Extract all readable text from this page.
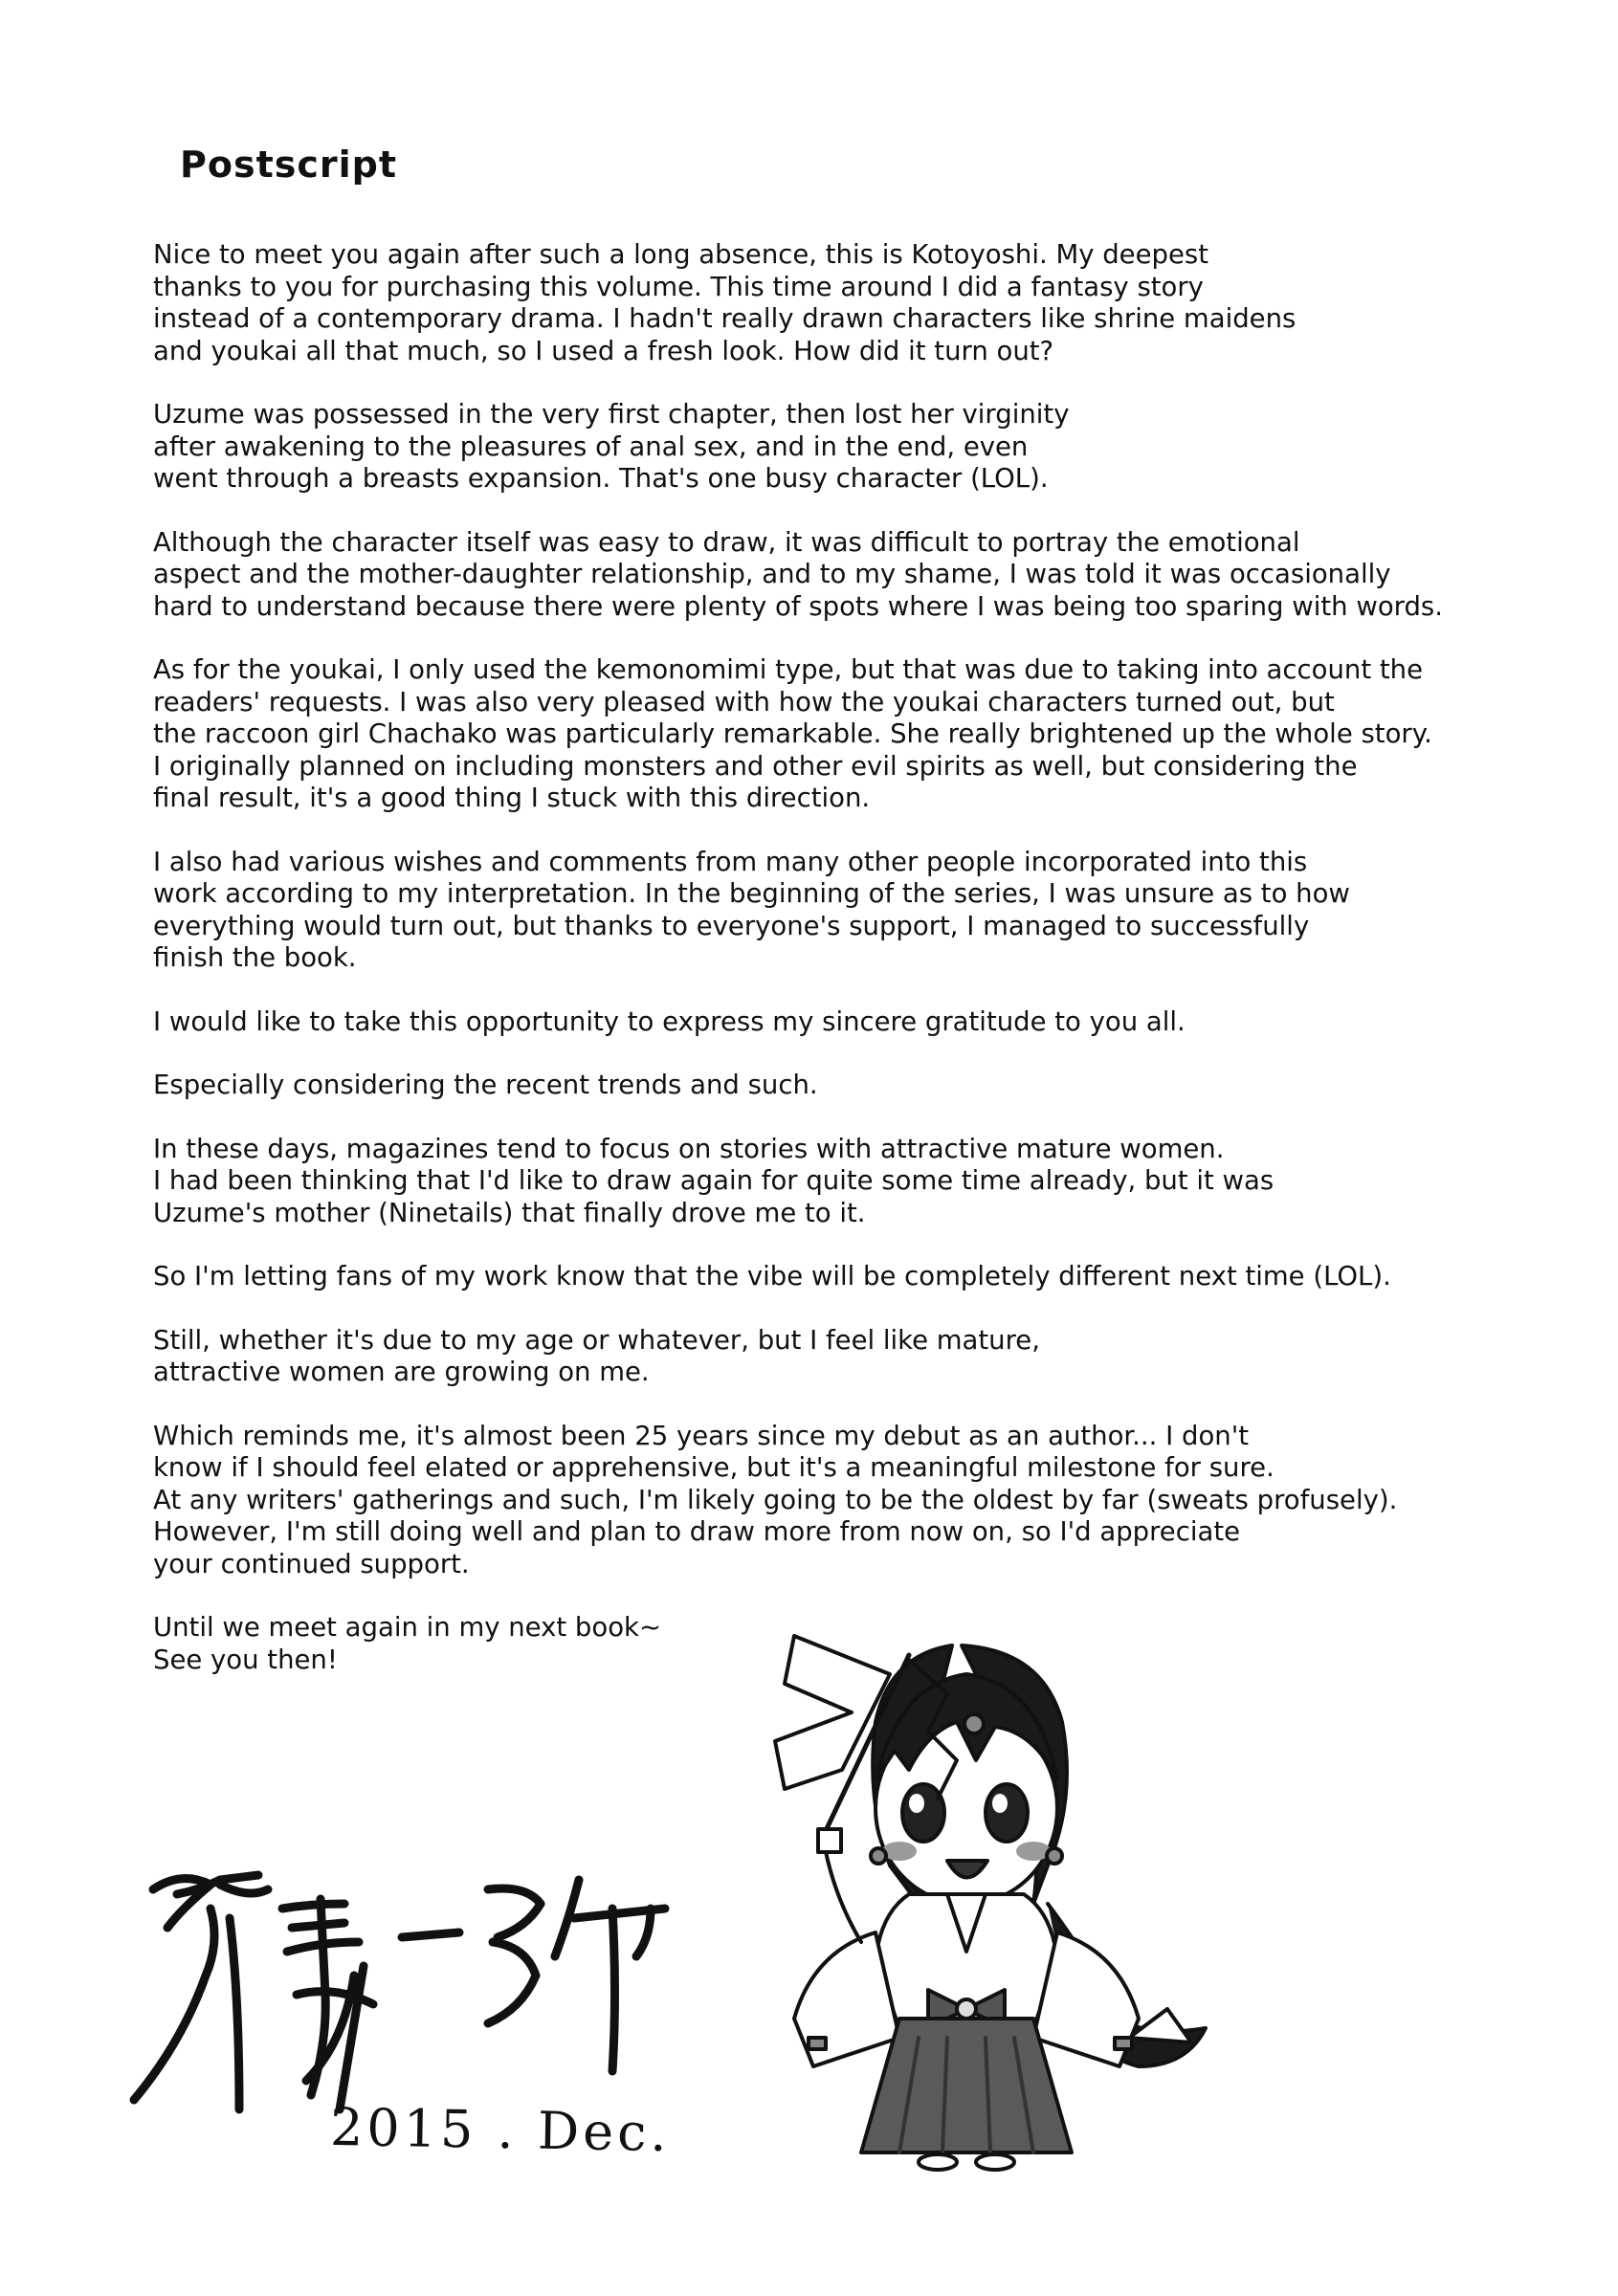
Postscript
Nice to meet you again after such a long absence, this is Kotoyoshi. My deepest
thanks to you for purchasing this volume. This time around I did a fantasy story
instead of a contemporary drama. I hadn't really drawn characters like shrine maidens
and youkai all that much, so I used a fresh look. How did it turn out?
Uzume was possessed in the very first chapter, then lost her virginity
after awakening to the pleasures of anal sex, and in the end, even
went through a breasts expansion. That's one busy character (LOL).
Although the character itself was easy to draw, it was difficult to portray the emotional
aspect and the mother-daughter relationship, and to my shame, I was told it was occasionally
hard to understand because there were plenty of spots where I was being too sparing with words.
As for the youkai, I only used the kemonomimi type, but that was due to taking into account the
readers' requests. I was also very pleased with how the youkai characters turned out, but
the raccoon girl Chachako was particularly remarkable. She really brightened up the whole story.
I originally planned on including monsters and other evil spirits as well, but considering the
final result, it's a good thing I stuck with this direction.
I also had various wishes and comments from many other people incorporated into this
work according to my interpretation. In the beginning of the series, I was unsure as to how
everything would turn out, but thanks to everyone's support, I managed to successfully
finish the book.
I would like to take this opportunity to express my sincere gratitude to you all.
Especially considering the recent trends and such.
In these days, magazines tend to focus on stories with attractive mature women.
I had been thinking that I'd like to draw again for quite some time already, but it was
Uzume's mother (Ninetails) that finally drove me to it.
So I'm letting fans of my work know that the vibe will be completely different next time (LOL).
Still, whether it's due to my age or whatever, but I feel like mature,
attractive women are growing on me.
Which reminds me, it's almost been 25 years since my debut as an author... I don't
know if I should feel elated or apprehensive, but it's a meaningful milestone for sure.
At any writers' gatherings and such, I'm likely going to be the oldest by far (sweats profusely).
However, I'm still doing well and plan to draw more from now on, so I'd appreciate
your continued support.
Until we meet again in my next book~
See you then!
2015 . Dec.
